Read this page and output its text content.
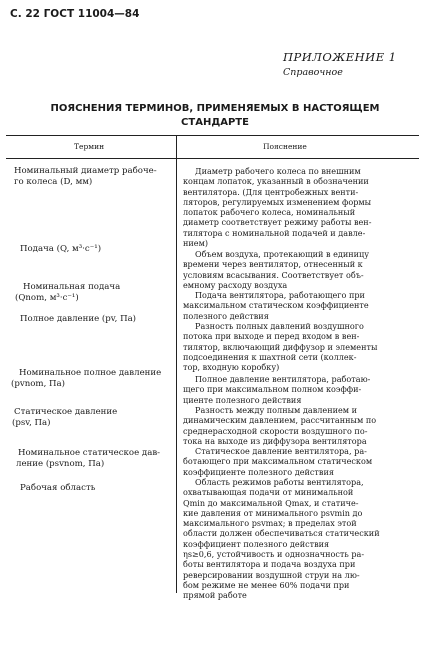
С. 22 ГОСТ 11004—84
ПРИЛОЖЕНИЕ 1
Справочное
ПОЯСНЕНИЯ ТЕРМИНОВ, ПРИМЕНЯЕМЫХ В НАСТОЯЩЕМ
СТАНДАРТЕ
Термин	Пояснение
Номинальный диаметр рабоче-
го колеса (D, мм)
Подача (Q, м³·с⁻¹)
Номинальная подача
(Qnom, м³·с⁻¹)
Полное давление (pv, Па)
Номинальное полное давление
(pvnom, Па)
Статическое давление
(psv, Па)
Номинальное статическое дав-
ление (psvnom, Па)
Рабочая область
Диаметр рабочего колеса по внешним
концам лопаток, указанный в обозначении
вентилятора. (Для центробежных венти-
ляторов, регулируемых изменением формы
лопаток рабочего колеса, номинальный
диаметр соответствует режиму работы вен-
тилятора с номинальной подачей и давле-
нием)
Объем воздуха, протекающий в единицу
времени через вентилятор, отнесенный к
условиям всасывания. Соответствует объ-
емному расходу воздуха
Подача вентилятора, работающего при
максимальном статическом коэффициенте
полезного действия
Разность полных давлений воздушного
потока при выходе и перед входом в вен-
тилятор, включающий диффузор и элементы
подсоединения к шахтной сети (коллек-
тор, входную коробку)
Полное давление вентилятора, работаю-
щего при максимальном полном коэффи-
циенте полезного действия
Разность между полным давлением и
динамическим давлением, рассчитанным по
среднерасходной скорости воздушного по-
тока на выходе из диффузора вентилятора
Статическое давление вентилятора, ра-
ботающего при максимальном статическом
коэффициенте полезного действия
Область режимов работы вентилятора,
охватывающая подачи от минимальной
Qmin до максимальной Qmax, и статиче-
кие давления от минимального psvmin до
максимального psvmax; в пределах этой
области должен обеспечиваться статический
коэффициент полезного действия
ηs≥0,6, устойчивость и однозначность ра-
боты вентилятора и подача воздуха при
реверсировании воздушной струи на лю-
бом режиме не менее 60% подачи при
прямой работе
